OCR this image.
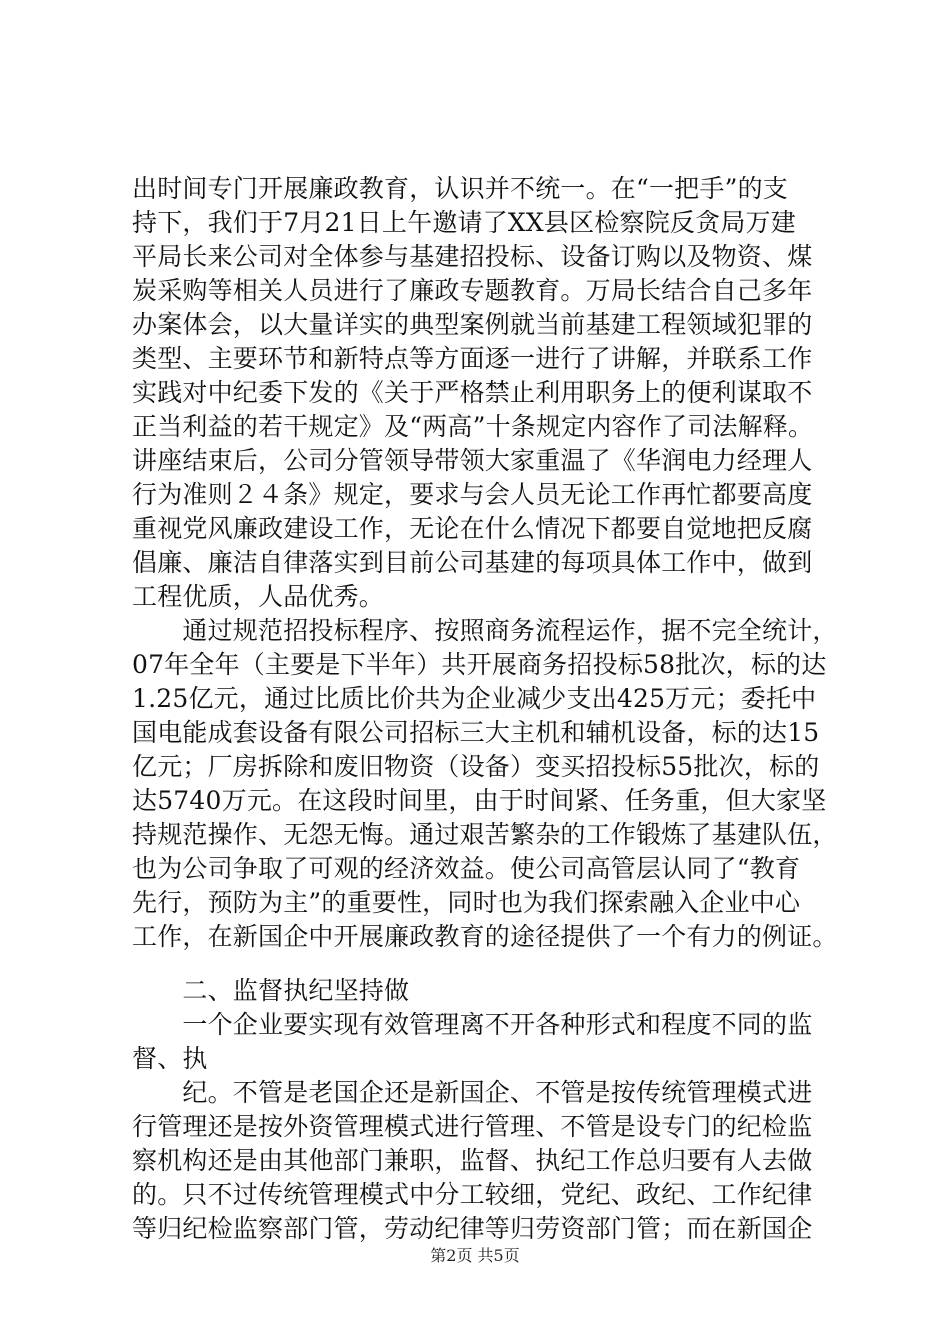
出时间专门开展廉政教育，认识并不统一。在“一把手”的支
持下，我们于7月21日上午邀请了XX县区检察院反贪局万建
平局长来公司对全体参与基建招投标、设备订购以及物资、煤
炭采购等相关人员进行了廉政专题教育。万局长结合自己多年
办案体会，以大量详实的典型案例就当前基建工程领域犯罪的
类型、主要环节和新特点等方面逐一进行了讲解，并联系工作
实践对中纪委下发的《关于严格禁止利用职务上的便利谋取不
正当利益的若干规定》及“两高”十条规定内容作了司法解释。
讲座结束后，公司分管领导带领大家重温了《华润电力经理人
行为准则２４条》规定，要求与会人员无论工作再忙都要高度
重视党风廉政建设工作，无论在什么情况下都要自觉地把反腐
倡廉、廉洁自律落实到目前公司基建的每项具体工作中，做到
工程优质，人品优秀。
　　通过规范招投标程序、按照商务流程运作，据不完全统计，
07年全年（主要是下半年）共开展商务招投标58批次，标的达
1.25亿元，通过比质比价共为企业减少支出425万元；委托中
国电能成套设备有限公司招标三大主机和辅机设备，标的达15
亿元；厂房拆除和废旧物资（设备）变买招投标55批次，标的
达5740万元。在这段时间里，由于时间紧、任务重，但大家坚
持规范操作、无怨无悔。通过艰苦繁杂的工作锻炼了基建队伍，
也为公司争取了可观的经济效益。使公司高管层认同了“教育
先行，预防为主”的重要性，同时也为我们探索融入企业中心
工作，在新国企中开展廉政教育的途径提供了一个有力的例证。
　　二、监督执纪坚持做
　　一个企业要实现有效管理离不开各种形式和程度不同的监
督、执
　　纪。不管是老国企还是新国企、不管是按传统管理模式进
行管理还是按外资管理模式进行管理、不管是设专门的纪检监
察机构还是由其他部门兼职，监督、执纪工作总归要有人去做
的。只不过传统管理模式中分工较细，党纪、政纪、工作纪律
等归纪检监察部门管，劳动纪律等归劳资部门管；而在新国企
第2页 共5页
